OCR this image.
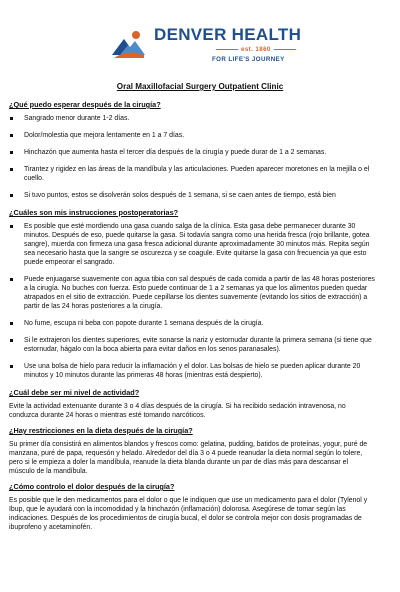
DENVER HEALTH
est. 1860
FOR LIFE'S JOURNEY
Oral Maxillofacial Surgery Outpatient Clinic
¿Qué puedo esperar después de la cirugía?
Sangrado menor durante 1-2 días.
Dolor/molestia que mejora lentamente en 1 a 7 días.
Hinchazón que aumenta hasta el tercer día después de la cirugía y puede durar de 1 a 2 semanas.
Tirantez y rigidez en las áreas de la mandíbula y las articulaciones. Pueden aparecer moretones en la mejilla o el cuello.
Si tuvo puntos, estos se disolverán solos después de 1 semana, si se caen antes de tiempo, está bien
¿Cuáles son mis instrucciones postoperatorias?
Es posible que esté mordiendo una gasa cuando salga de la clínica. Esta gasa debe permanecer durante 30 minutos. Después de eso, puede quitarse la gasa. Si todavía sangra como una herida fresca (rojo brillante, gotea sangre), muerda con firmeza una gasa fresca adicional durante aproximadamente 30 minutos más. Repita según sea necesario hasta que la sangre se oscurezca y se coagule. Evite quitarse la gasa con frecuencia ya que esto puede empeorar el sangrado.
Puede enjuagarse suavemente con agua tibia con sal después de cada comida a partir de las 48 horas posteriores a la cirugía. No buches con fuerza. Esto puede continuar de 1 a 2 semanas ya que los alimentos pueden quedar atrapados en el sitio de extracción. Puede cepillarse los dientes suavemente (evitando los sitios de extracción) a partir de las 24 horas posteriores a la cirugía.
No fume, escupa ni beba con popote durante 1 semana después de la cirugía.
Si le extrajeron los dientes superiores, evite sonarse la nariz y estornudar durante la primera semana (si tiene que estornudar, hágalo con la boca abierta para evitar daños en los senos paranasales).
Use una bolsa de hielo para reducir la inflamación y el dolor. Las bolsas de hielo se pueden aplicar durante 20 minutos y 10 minutos durante las primeras 48 horas (mientras está despierto).
¿Cuál debe ser mi nivel de actividad?

Evite la actividad extenuante durante 3 o 4 días después de la cirugía. Si ha recibido sedación intravenosa, no conduzca durante 24 horas o mientras esté tomando narcóticos.

¿Hay restricciones en la dieta después de la cirugía?

Su primer día consistirá en alimentos blandos y frescos como: gelatina, pudding, batidos de proteínas, yogur, puré de manzana, puré de papa, requesón y helado. Alrededor del día 3 o 4 puede reanudar la dieta normal según lo tolere, pero si le empieza a doler la mandíbula, reanude la dieta blanda durante un par de días más para descansar el músculo de la mandíbula.

¿Cómo controlo el dolor después de la cirugía?

Es posible que le den medicamentos para el dolor o que le indiquen que use un medicamento para el dolor (Tylenol y Ibup, que le ayudará con la incomodidad y la hinchazón (inflamación) dolorosa. Asegúrese de tomar según las indicaciones. Después de los procedimientos de cirugía bucal, el dolor se controla mejor con dosis programadas de ibuprofeno y acetaminofén.
